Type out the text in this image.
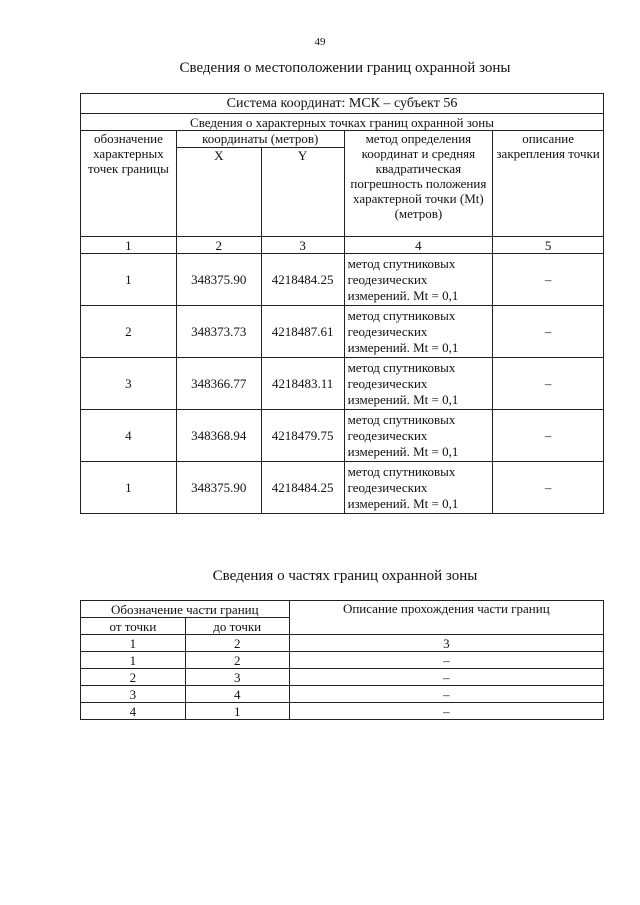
49
Сведения о местоположении границ охранной зоны
Система координат: МСК – субъект 56				
Сведения о характерных точках границ охранной зоны				
обозначение характерных точек границы	координаты (метров)		метод определения координат и средняя квадратическая погрешность положения характерной точки (Mt) (метров)	описание закрепления точки
	X	Y		
1	2	3	4	5
1	348375.90	4218484.25	метод спутниковых геодезических измерений. Mt = 0,1	–
2	348373.73	4218487.61	метод спутниковых геодезических измерений. Mt = 0,1	–
3	348366.77	4218483.11	метод спутниковых геодезических измерений. Mt = 0,1	–
4	348368.94	4218479.75	метод спутниковых геодезических измерений. Mt = 0,1	–
1	348375.90	4218484.25	метод спутниковых геодезических измерений. Mt = 0,1	–
Сведения о частях границ охранной зоны
Обозначение части границ		Описание прохождения части границ
от точки	до точки	
1	2	3
1	2	–
2	3	–
3	4	–
4	1	–
